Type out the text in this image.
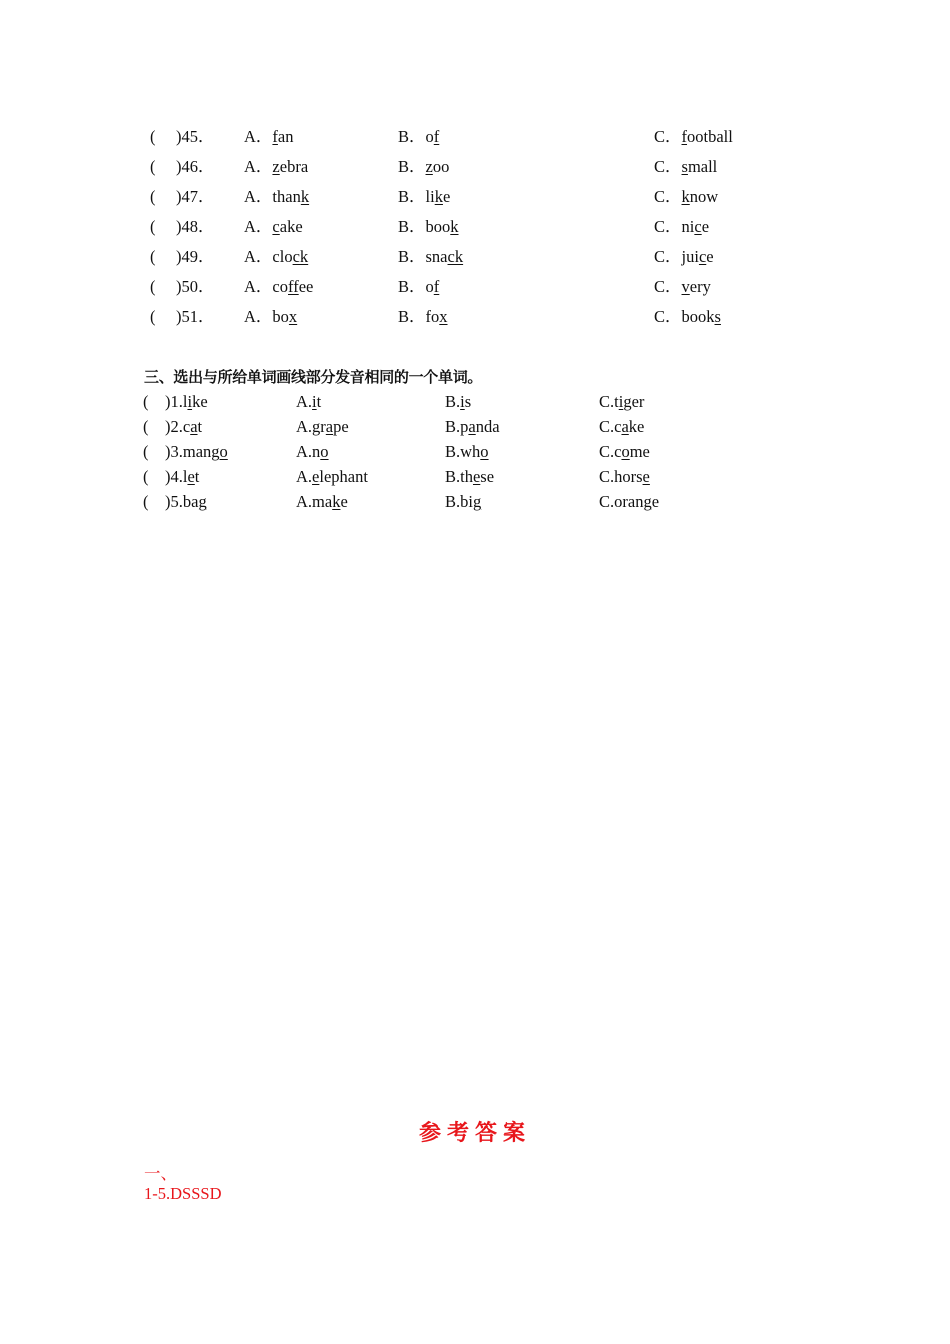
( )45． A．fan	B．of	C．football
( )46． A．zebra	B．zoo	C．small
( )47． A．thank	B．like	C．know
( )48． A．cake	B．book	C．nice
( )49． A．clock	B．snack	C．juice
( )50． A．coffee	B．of	C．very
( )51． A．box	B．fox	C．books
三、选出与所给单词画线部分发音相同的一个单词。
( )1.like	A.it	B.is	C.tiger
( )2.cat	A.grape	B.panda	C.cake
( )3.mango	A.no	B.who	C.come
( )4.let	A.elephant	B.these	C.horse
( )5.bag	A.make	B.big	C.orange
参考答案
一、
1-5.DSSSD
